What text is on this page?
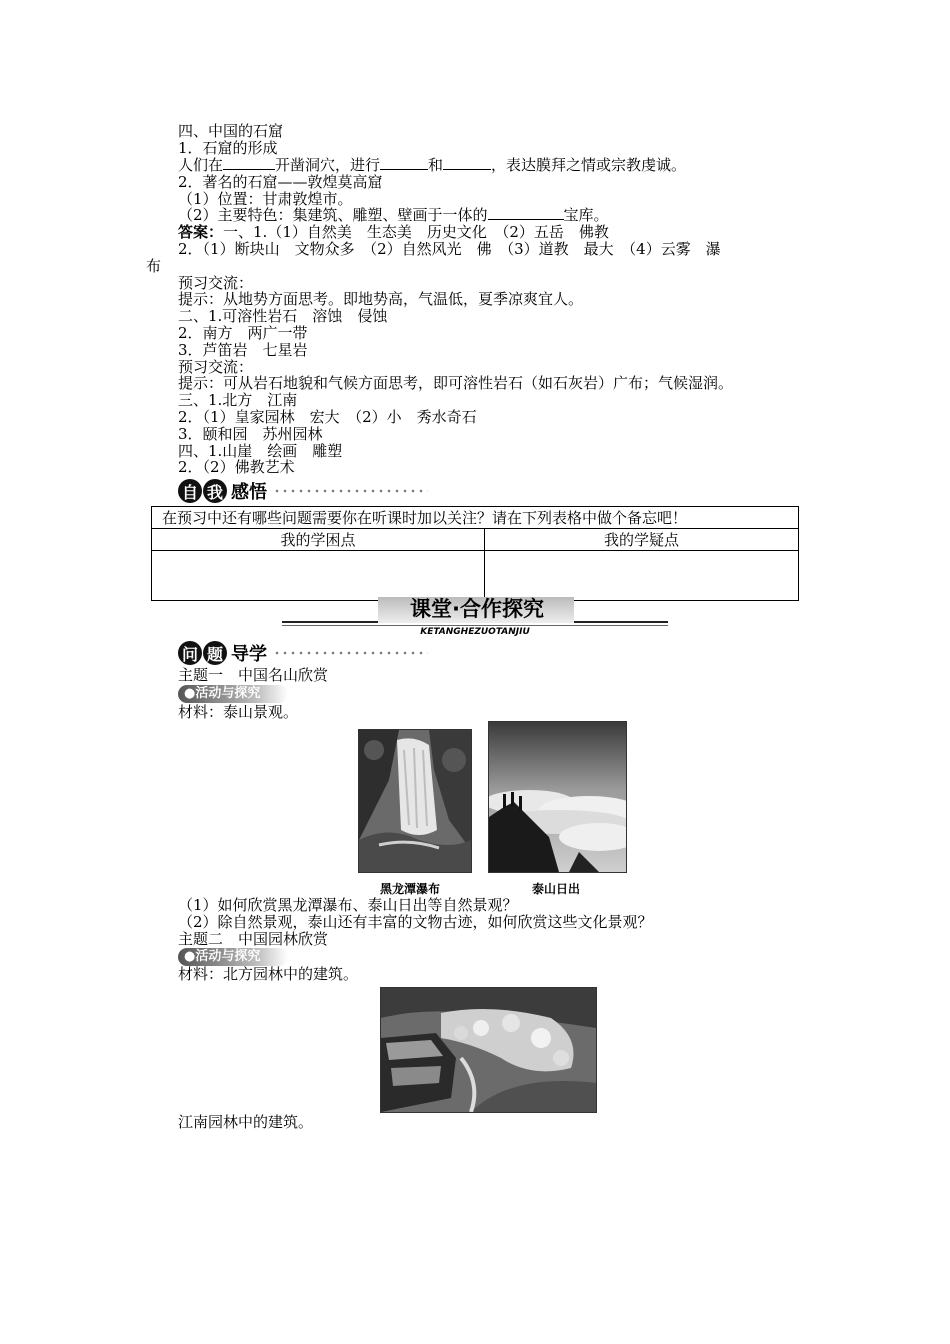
四、中国的石窟
1．石窟的形成
人们在	开凿洞穴，进行	和	，表达膜拜之情或宗教虔诚。
2．著名的石窟——敦煌莫高窟
（1）位置：甘肃敦煌市。
（2）主要特色：集建筑、雕塑、壁画于一体的	宝库。
答案：一、1.（1）自然美　生态美　历史文化　（2）五岳　佛教
2．（1）断块山　文物众多　（2）自然风光　佛　（3）道教　最大　（4）云雾　瀑
布
预习交流：
提示：从地势方面思考。即地势高，气温低，夏季凉爽宜人。
二、1.可溶性岩石　溶蚀　侵蚀
2．南方　两广一带
3．芦笛岩　七星岩
预习交流：
提示：可从岩石地貌和气候方面思考，即可溶性岩石（如石灰岩）广布；气候湿润。
三、1.北方　江南
2．（1）皇家园林　宏大　（2）小　秀水奇石
3．颐和园　苏州园林
四、1.山崖　绘画　雕塑
2．（2）佛教艺术
自 我 感悟
在预习中还有哪些问题需要你在听课时加以关注？请在下列表格中做个备忘吧！	
我的学困点	我的学疑点

课堂·合作探究
KETANGHEZUOTANJIU
问 题 导学
主题一　中国名山欣赏
●活动与探究
材料：泰山景观。
黑龙潭瀑布	泰山日出
（1）如何欣赏黑龙潭瀑布、泰山日出等自然景观？
（2）除自然景观，泰山还有丰富的文物古迹，如何欣赏这些文化景观？
主题二　中国园林欣赏
●活动与探究
材料：北方园林中的建筑。
江南园林中的建筑。
